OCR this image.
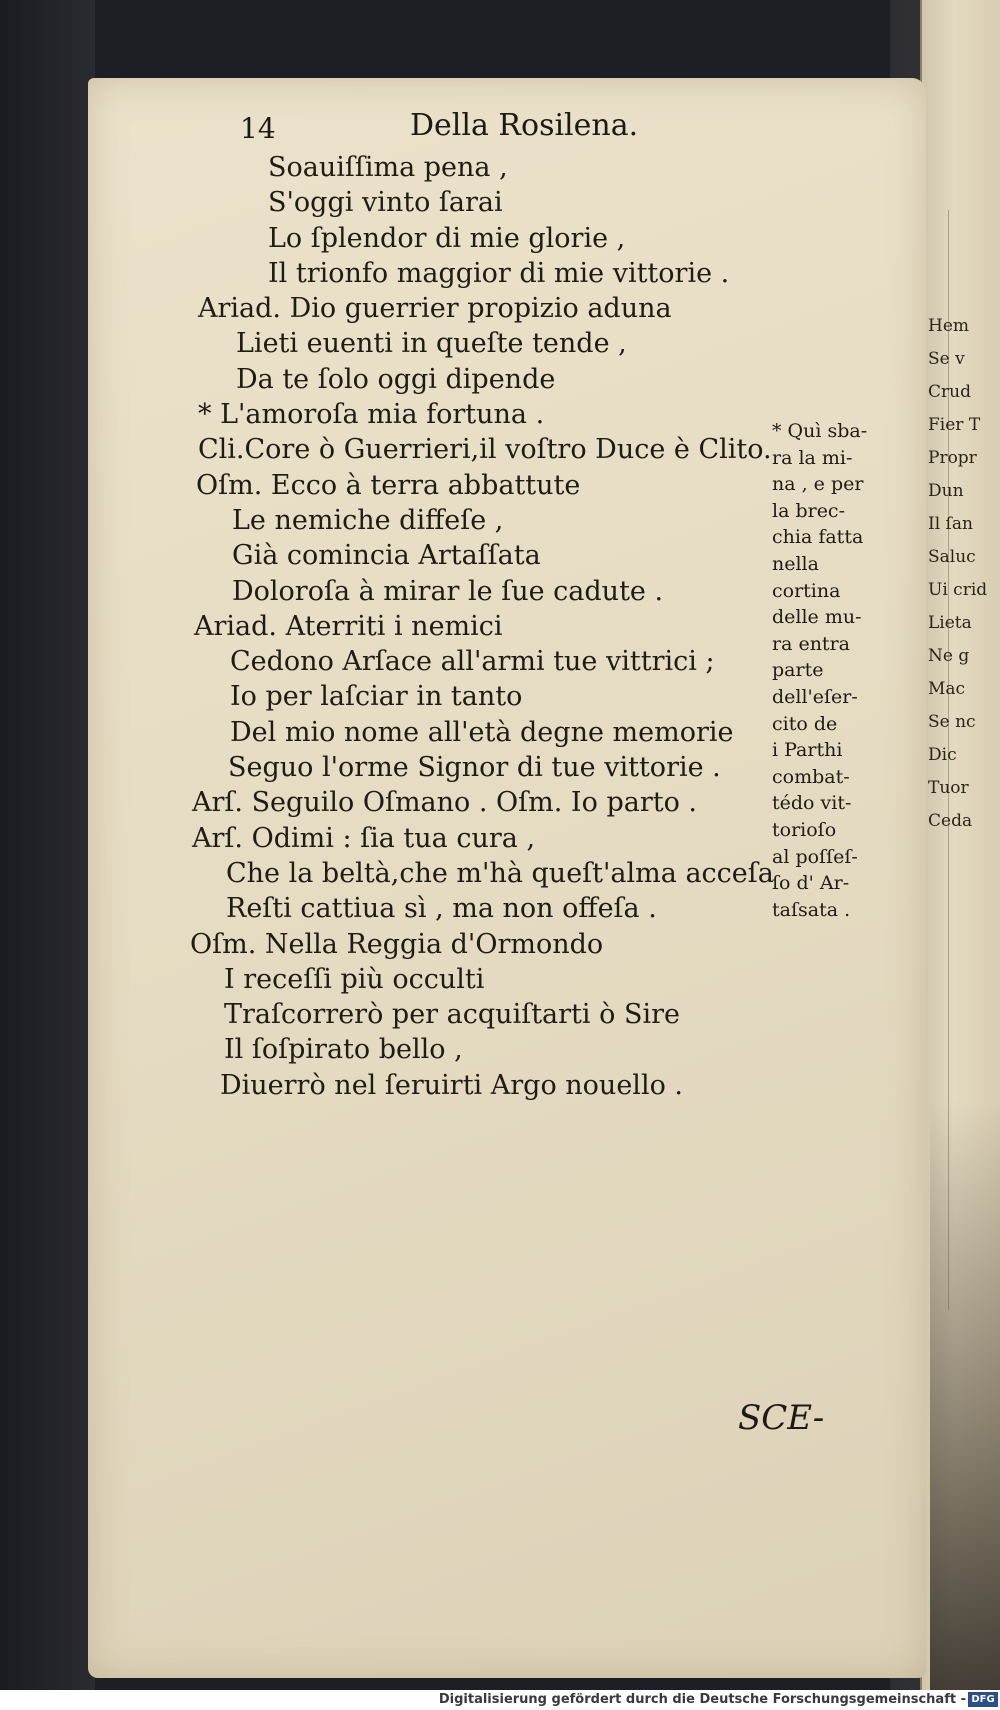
Hem
Se v
Crud
Fier T
Propr
Dun
Il ſan
Saluc
Ui crid
Lieta
Ne g
Mac
Se nc
Dic
Tuor
Ceda
14	Della Rosilena.
Soauiſſima pena ,
S'oggi vinto ſarai
Lo ſplendor di mie glorie ,
Il trionfo maggior di mie vittorie .
Ariad. Dio guerrier propizio aduna
Lieti euenti in queſte tende ,
Da te ſolo oggi dipende
* L'amoroſa mia fortuna .
Cli.Core ò Guerrieri,il voſtro Duce è Clito.
Oſm. Ecco à terra abbattute
Le nemiche diffeſe ,
Già comincia Artaſſata
Doloroſa à mirar le ſue cadute .
Ariad. Aterriti i nemici
Cedono Arſace all'armi tue vittrici ;
Io per laſciar in tanto
Del mio nome all'età degne memorie
Seguo l'orme Signor di tue vittorie .
Arſ. Seguilo Oſmano . Oſm. Io parto .
Arſ. Odimi : ſia tua cura ,
Che la beltà,che m'hà queſt'alma acceſa
Reſti cattiua sì , ma non offeſa .
Oſm. Nella Reggia d'Ormondo
I receſſi più occulti
Traſcorrerò per acquiſtarti ò Sire
Il ſoſpirato bello ,
Diuerrò nel ſeruirti Argo nouello .
* Quì sba-
ra la mi-
na , e per
la brec-
chia fatta
nella
cortina
delle mu-
ra entra
parte
dell'eſer-
cito de
i Parthi
combat-
tédo vit-
torioſo
al poſſeſ-
ſo d' Ar-
taſsata .
SCE-
Digitalisierung gefördert durch die Deutsche Forschungsgemeinschaft - DFG
